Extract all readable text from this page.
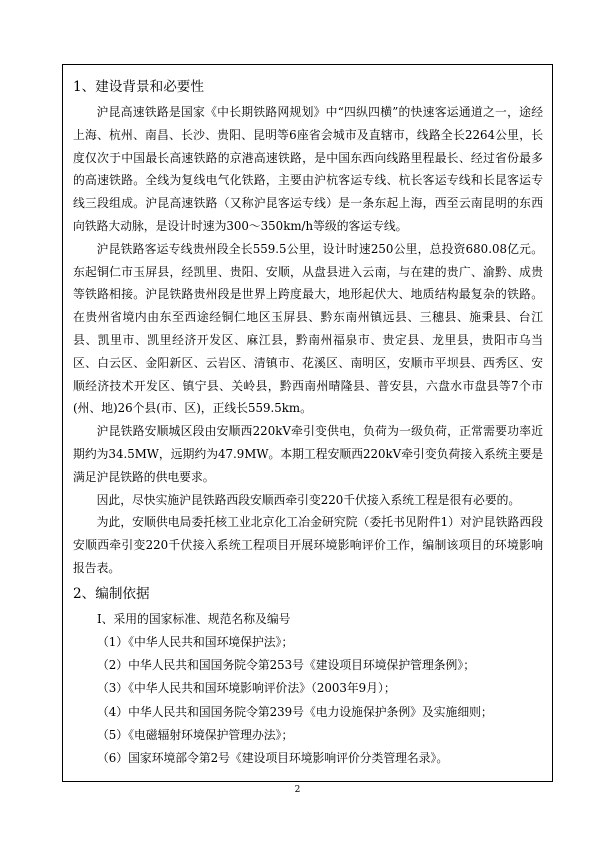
1、建设背景和必要性

沪昆高速铁路是国家《中长期铁路网规划》中“四纵四横”的快速客运通道之一，途经上海、杭州、南昌、长沙、贵阳、昆明等6座省会城市及直辖市，线路全长2264公里，长度仅次于中国最长高速铁路的京港高速铁路，是中国东西向线路里程最长、经过省份最多的高速铁路。全线为复线电气化铁路，主要由沪杭客运专线、杭长客运专线和长昆客运专线三段组成。沪昆高速铁路（又称沪昆客运专线）是一条东起上海，西至云南昆明的东西向铁路大动脉，是设计时速为300～350km/h等级的客运专线。

沪昆铁路客运专线贵州段全长559.5公里，设计时速250公里，总投资680.08亿元。东起铜仁市玉屏县，经凯里、贵阳、安顺，从盘县进入云南，与在建的贵广、渝黔、成贵等铁路相接。沪昆铁路贵州段是世界上跨度最大，地形起伏大、地质结构最复杂的铁路。在贵州省境内由东至西途经铜仁地区玉屏县、黔东南州镇远县、三穗县、施秉县、台江县、凯里市、凯里经济开发区、麻江县，黔南州福泉市、贵定县、龙里县，贵阳市乌当区、白云区、金阳新区、云岩区、清镇市、花溪区、南明区，安顺市平坝县、西秀区、安顺经济技术开发区、镇宁县、关岭县，黔西南州晴隆县、普安县，六盘水市盘县等7个市(州、地)26个县(市、区)，正线长559.5km。

沪昆铁路安顺城区段由安顺西220kV牵引变供电，负荷为一级负荷，正常需要功率近期约为34.5MW，远期约为47.9MW。本期工程安顺西220kV牵引变负荷接入系统主要是满足沪昆铁路的供电要求。

因此，尽快实施沪昆铁路西段安顺西牵引变220千伏接入系统工程是很有必要的。

为此，安顺供电局委托核工业北京化工冶金研究院（委托书见附件1）对沪昆铁路西段安顺西牵引变220千伏接入系统工程项目开展环境影响评价工作，编制该项目的环境影响报告表。

2、编制依据
Ⅰ、采用的国家标准、规范名称及编号
（1）《中华人民共和国环境保护法》；
（2）中华人民共和国国务院令第253号《建设项目环境保护管理条例》；
（3）《中华人民共和国环境影响评价法》（2003年9月）；
（4）中华人民共和国国务院令第239号《电力设施保护条例》及实施细则；
（5）《电磁辐射环境保护管理办法》；
（6）国家环境部令第2号《建设项目环境影响评价分类管理名录》。
2
